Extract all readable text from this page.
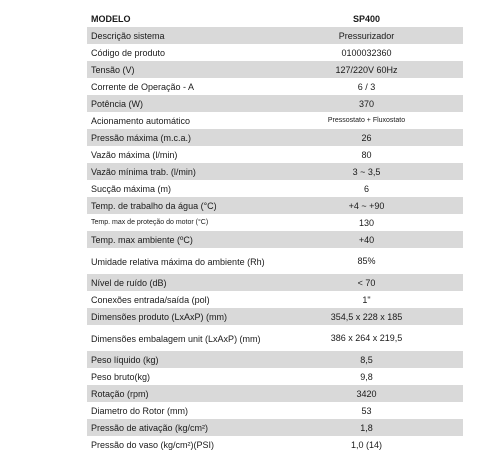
MODELO	SP400
Descrição sistema	Pressurizador
Código de produto	0100032360
Tensão (V)	127/220V 60Hz
Corrente de Operação - A	6 / 3
Potência (W)	370
Acionamento automático	Pressostato + Fluxostato
Pressão máxima (m.c.a.)	26
Vazão máxima (l/min)	80
Vazão mínima trab. (l/min)	3 ~ 3,5
Sucção máxima (m)	6
Temp. de trabalho da água (°C)	+4 ~ +90
Temp. max de proteção do motor (°C)	130
Temp. max ambiente (ºC)	+40
Umidade relativa máxima do ambiente (Rh)	85%
Nível de ruído (dB)	< 70
Conexões entrada/saída (pol)	1"
Dimensões produto (LxAxP) (mm)	354,5 x 228 x 185
Dimensões embalagem unit (LxAxP) (mm)	386 x 264 x 219,5
Peso líquido (kg)	8,5
Peso bruto(kg)	9,8
Rotação (rpm)	3420
Diametro do Rotor (mm)	53
Pressão de ativação (kg/cm²)	1,8
Pressão do vaso (kg/cm²)(PSI)	1,0 (14)
